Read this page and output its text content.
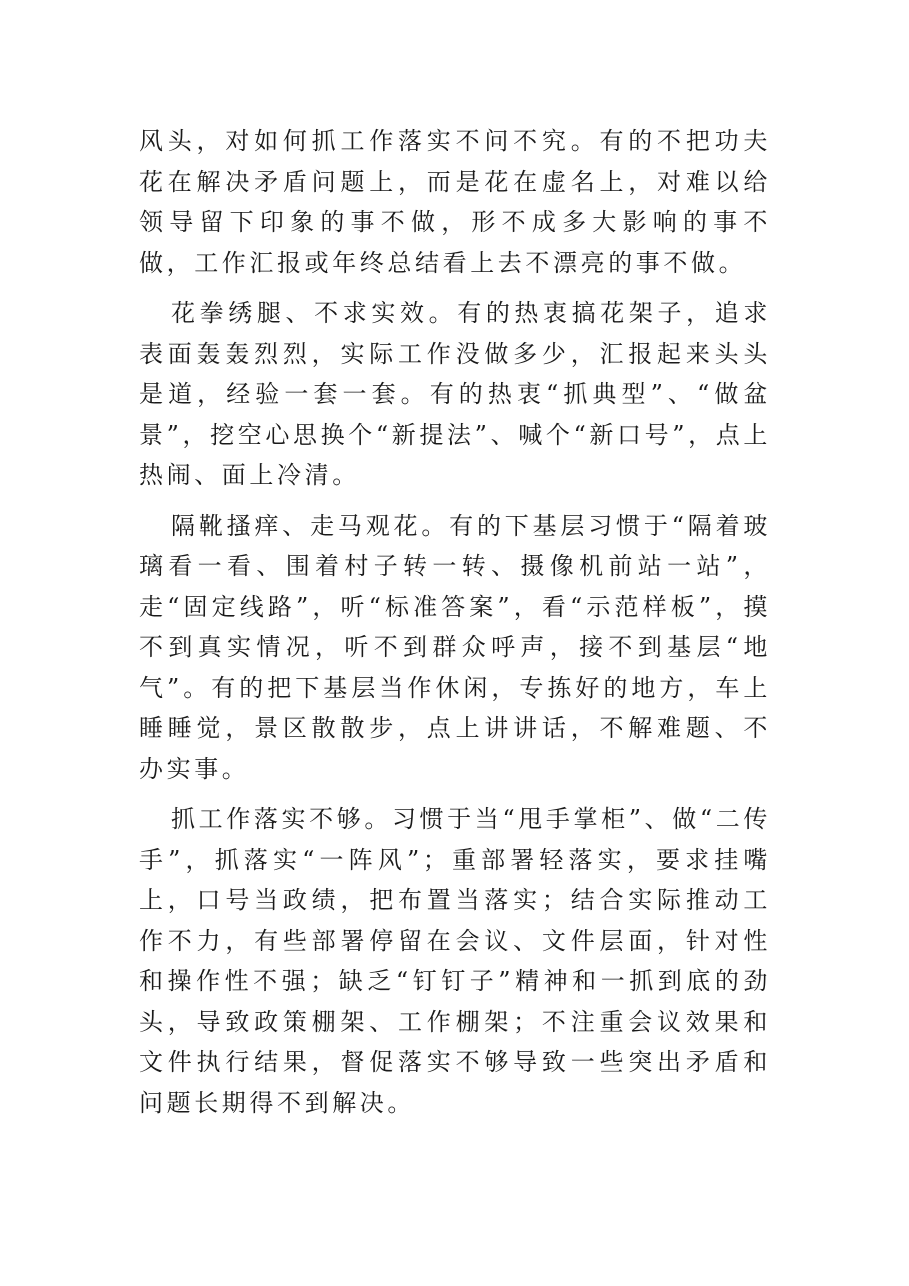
风头，对如何抓工作落实不问不究。有的不把功夫花在解决矛盾问题上，而是花在虚名上，对难以给领导留下印象的事不做，形不成多大影响的事不做，工作汇报或年终总结看上去不漂亮的事不做。

花拳绣腿、不求实效。有的热衷搞花架子，追求表面轰轰烈烈，实际工作没做多少，汇报起来头头是道，经验一套一套。有的热衷“抓典型”、“做盆景”，挖空心思换个“新提法”、喊个“新口号”，点上热闹、面上冷清。

隔靴搔痒、走马观花。有的下基层习惯于“隔着玻璃看一看、围着村子转一转、摄像机前站一站”，走“固定线路”，听“标准答案”，看“示范样板”，摸不到真实情况，听不到群众呼声，接不到基层“地气”。有的把下基层当作休闲，专拣好的地方，车上睡睡觉，景区散散步，点上讲讲话，不解难题、不办实事。

抓工作落实不够。习惯于当“甩手掌柜”、做“二传手”，抓落实“一阵风”；重部署轻落实，要求挂嘴上，口号当政绩，把布置当落实；结合实际推动工作不力，有些部署停留在会议、文件层面，针对性和操作性不强；缺乏“钉钉子”精神和一抓到底的劲头，导致政策棚架、工作棚架；不注重会议效果和文件执行结果，督促落实不够导致一些突出矛盾和问题长期得不到解决。
